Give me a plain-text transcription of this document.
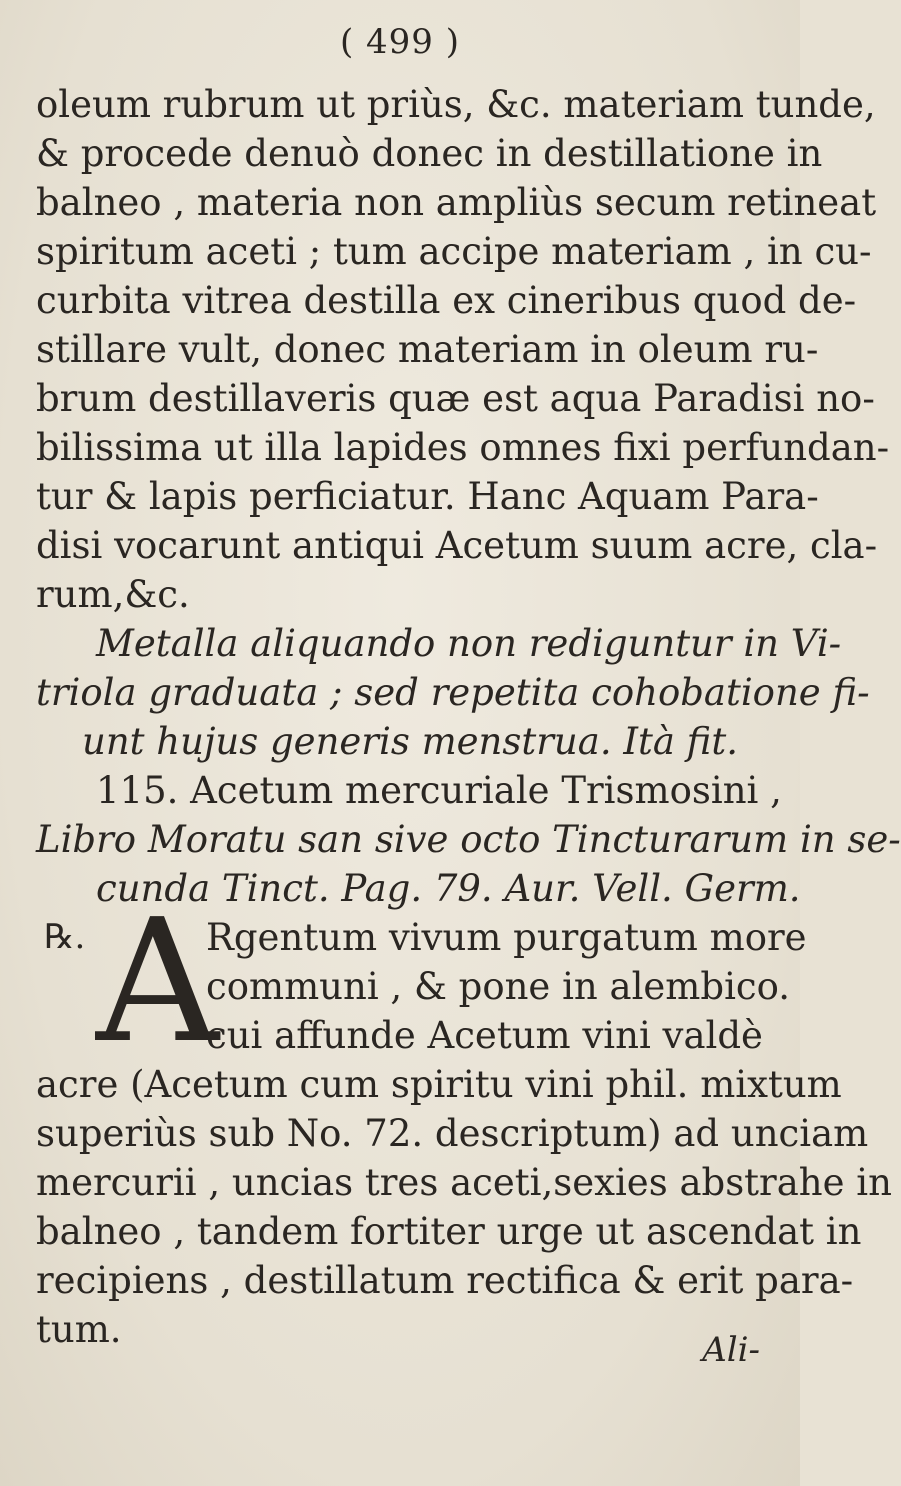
( 499 )
oleum rubrum ut priùs, &c. materiam tunde,
& procede denuò donec in destillatione in
balneo , materia non ampliùs secum retineat
spiritum aceti ; tum accipe materiam , in cu-
curbita vitrea destilla ex cineribus quod de-
stillare vult, donec materiam in oleum ru-
brum destillaveris quæ est aqua Paradisi no-
bilissima ut illa lapides omnes fixi perfundan-
tur & lapis perficiatur. Hanc Aquam Para-
disi vocarunt antiqui Acetum suum acre, cla-
rum,&c.
Metalla aliquando non rediguntur in Vi-
triola graduata ; sed repetita cohobatione fi-
unt hujus generis menstrua. Ità fit.
115. Acetum mercuriale Trismosini ,
Libro Moratu san sive octo Tincturarum in se-
cunda Tinct. Pag. 79. Aur. Vell. Germ.
℞. A
Rgentum vivum purgatum more
communi , & pone in alembico.
cui affunde Acetum vini valdè
acre (Acetum cum spiritu vini phil. mixtum
superiùs sub No. 72. descriptum) ad unciam
mercurii , uncias tres aceti,sexies abstrahe in
balneo , tandem fortiter urge ut ascendat in
recipiens , destillatum rectifica & erit para-
tum.	Ali-
